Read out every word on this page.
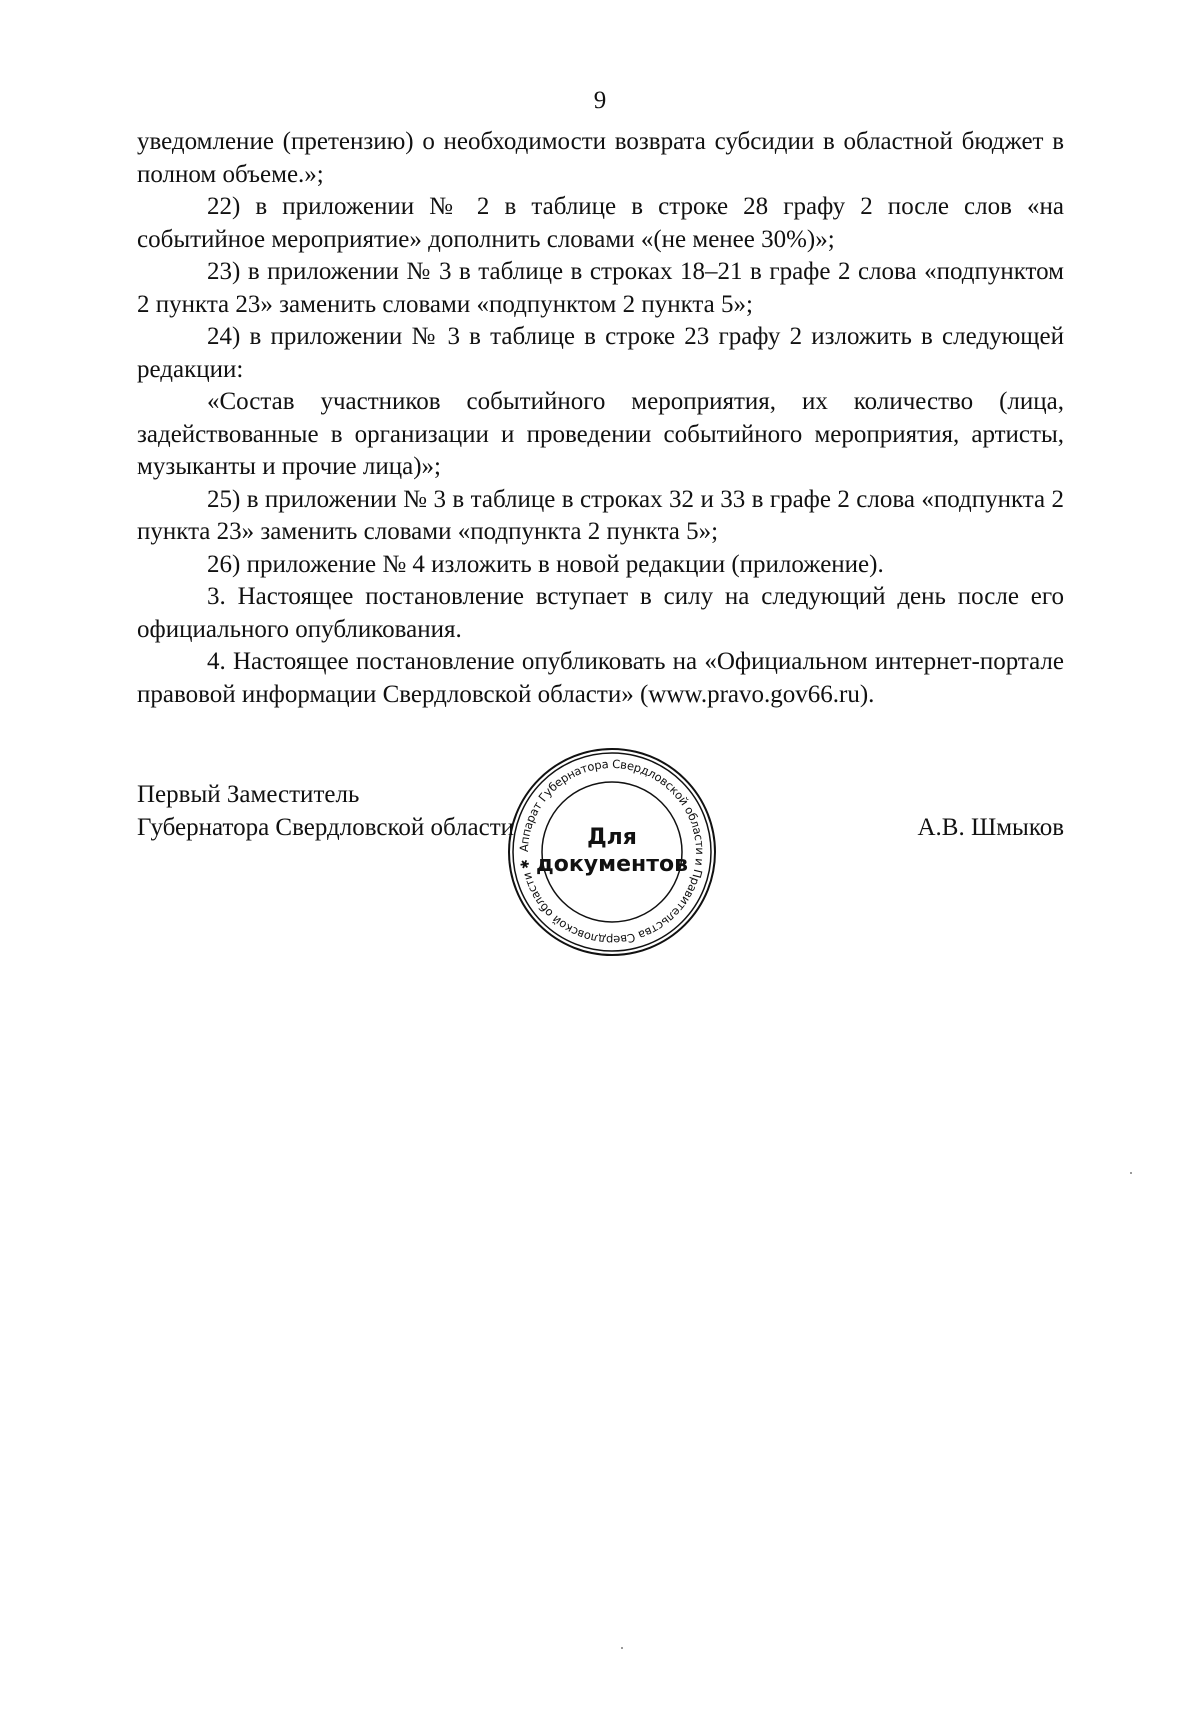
9

уведомление (претензию) о необходимости возврата субсидии в областной бюджет в полном объеме.»;

22) в приложении № 2 в таблице в строке 28 графу 2 после слов «на событийное мероприятие» дополнить словами «(не менее 30%)»;

23) в приложении № 3 в таблице в строках 18–21 в графе 2 слова «подпунктом 2 пункта 23» заменить словами «подпунктом 2 пункта 5»;

24) в приложении № 3 в таблице в строке 23 графу 2 изложить в следующей редакции:

«Состав участников событийного мероприятия, их количество (лица, задействованные в организации и проведении событийного мероприятия, артисты, музыканты и прочие лица)»;

25) в приложении № 3 в таблице в строках 32 и 33 в графе 2 слова «подпункта 2 пункта 23» заменить словами «подпункта 2 пункта 5»;

26) приложение № 4 изложить в новой редакции (приложение).

3. Настоящее постановление вступает в силу на следующий день после его официального опубликования.

4. Настоящее постановление опубликовать на «Официальном интернет-портале правовой информации Свердловской области» (www.pravo.gov66.ru).

Первый Заместитель
Губернатора Свердловской области	А.В. Шмыков
Аппарат Губернатора Свердловской области и Правительства Свердловской области ✱
Для
документов
